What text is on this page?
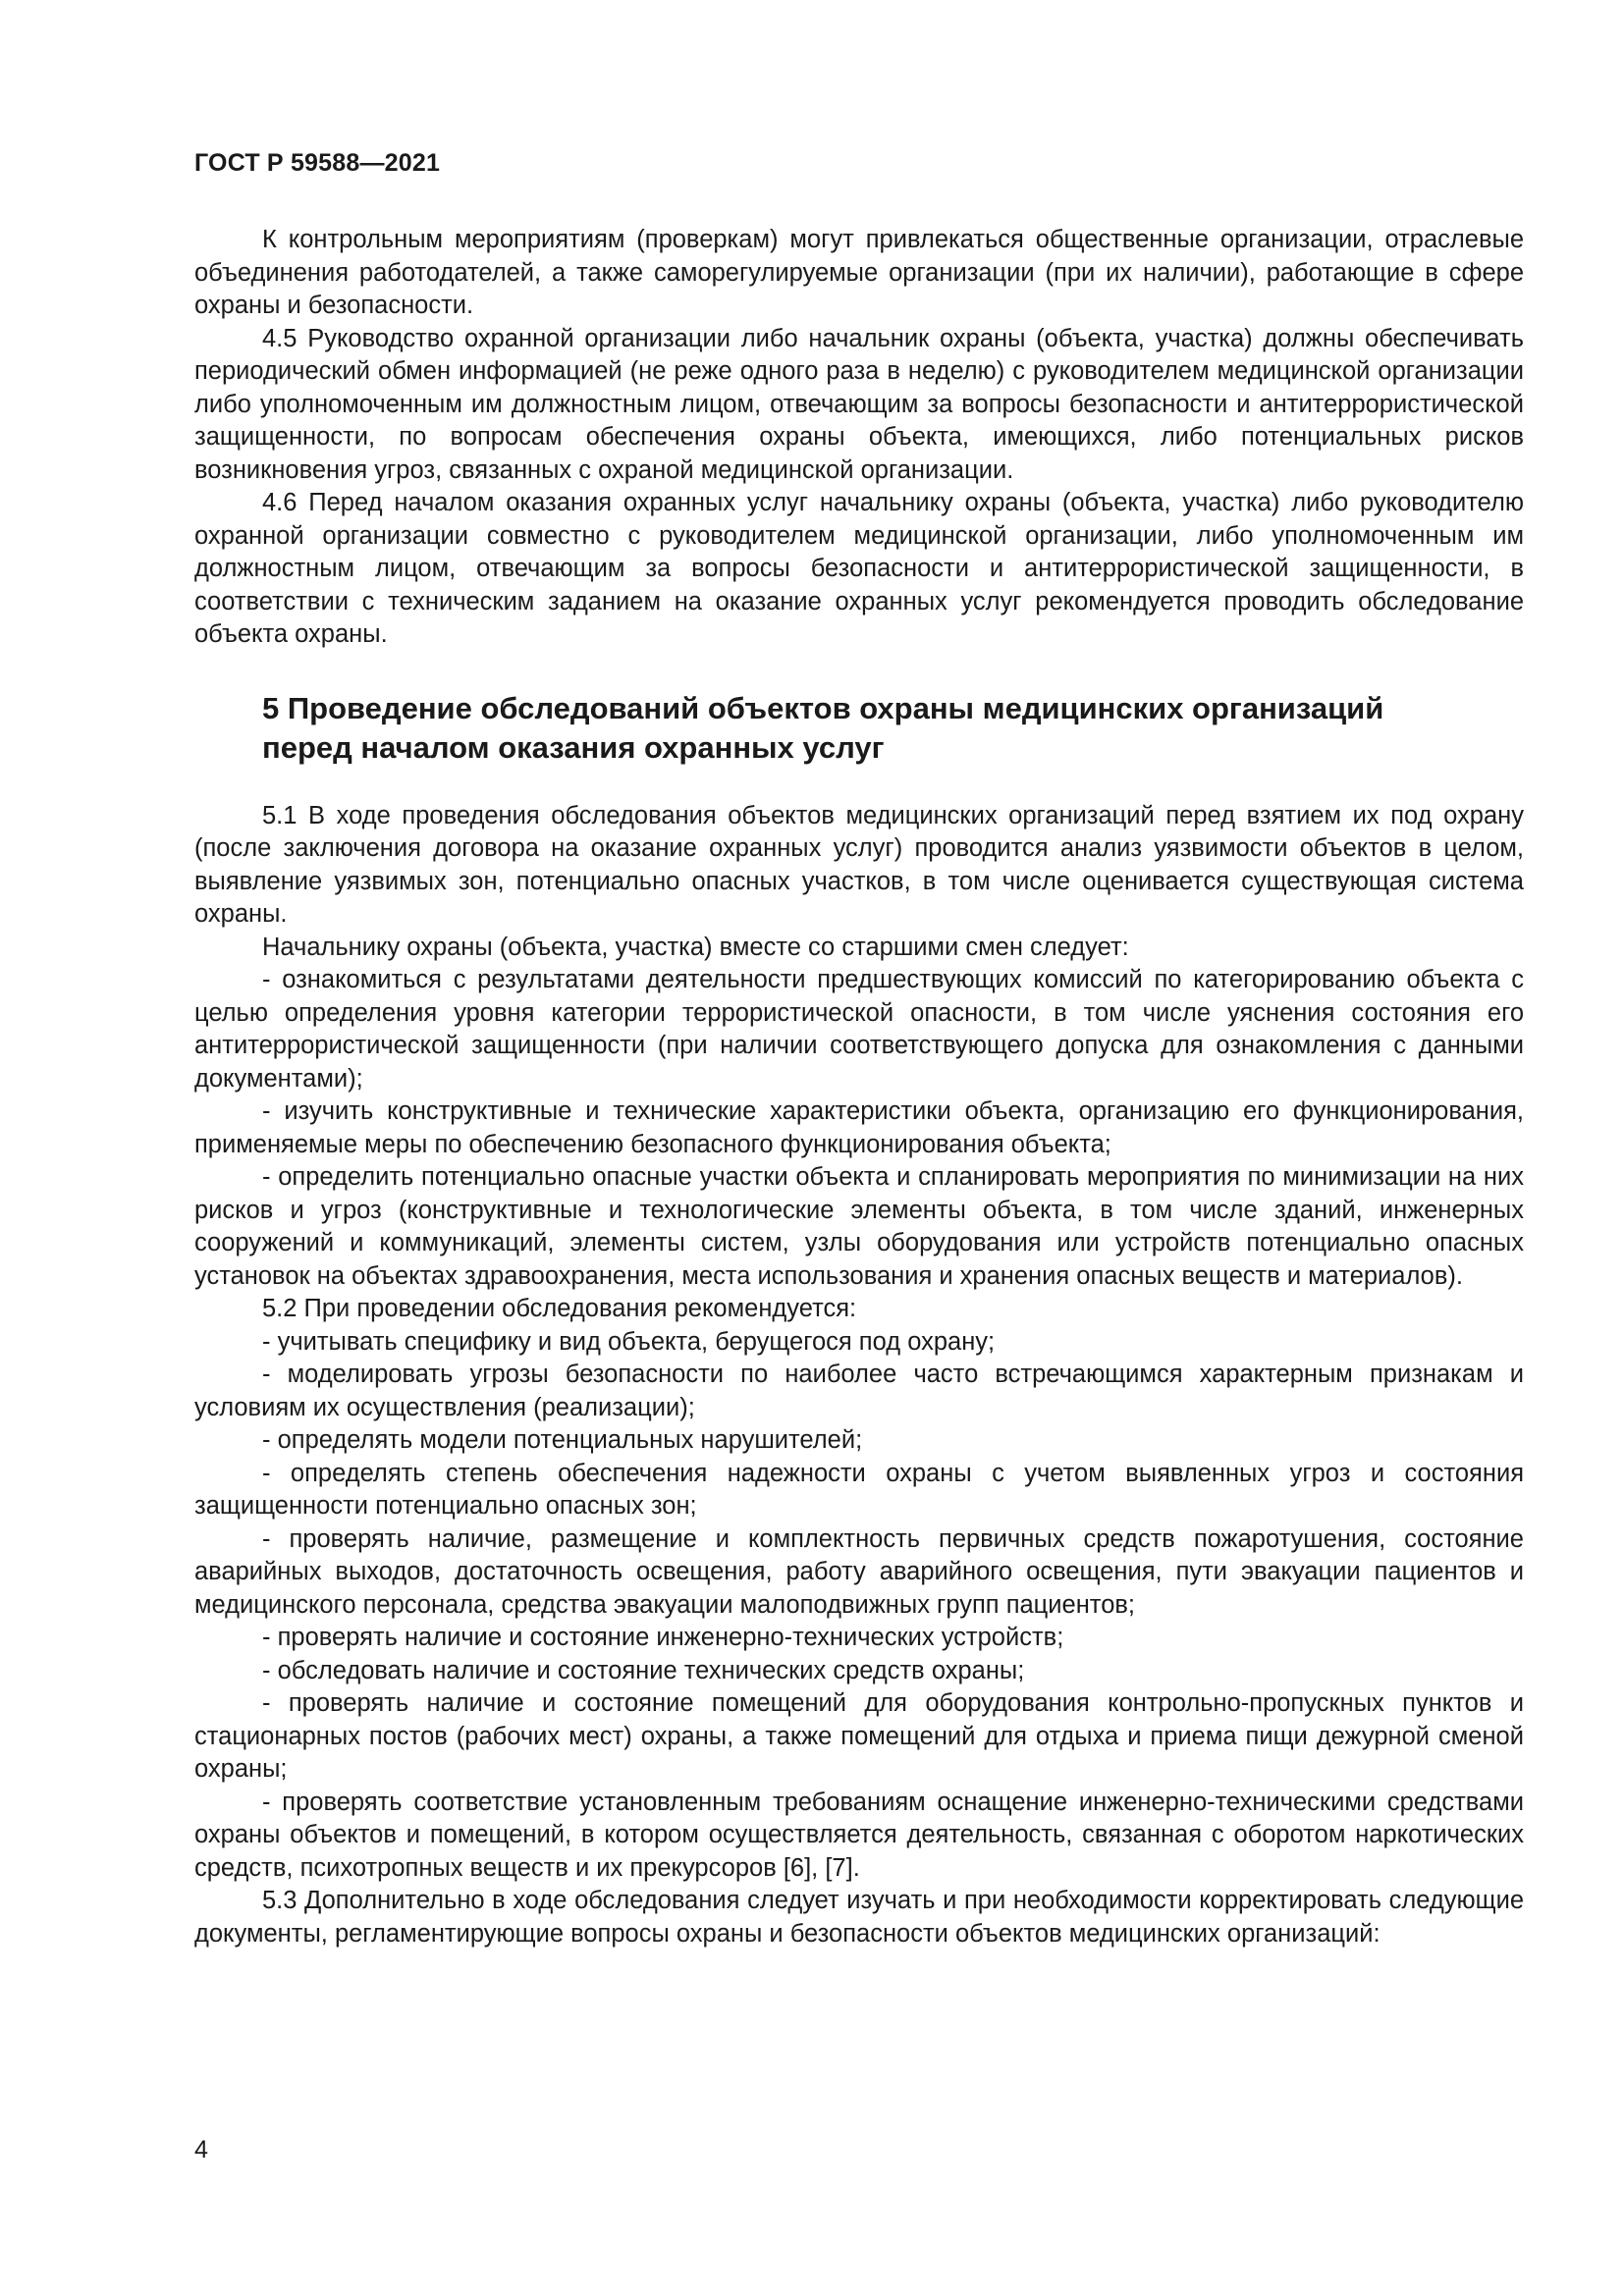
ГОСТ Р 59588—2021

К контрольным мероприятиям (проверкам) могут привлекаться общественные организации, отраслевые объединения работодателей, а также саморегулируемые организации (при их наличии), работающие в сфере охраны и безопасности.

4.5 Руководство охранной организации либо начальник охраны (объекта, участка) должны обеспечивать периодический обмен информацией (не реже одного раза в неделю) с руководителем медицинской организации либо уполномоченным им должностным лицом, отвечающим за вопросы безопасности и антитеррористической защищенности, по вопросам обеспечения охраны объекта, имеющихся, либо потенциальных рисков возникновения угроз, связанных с охраной медицинской организации.

4.6 Перед началом оказания охранных услуг начальнику охраны (объекта, участка) либо руководителю охранной организации совместно с руководителем медицинской организации, либо уполномоченным им должностным лицом, отвечающим за вопросы безопасности и антитеррористической защищенности, в соответствии с техническим заданием на оказание охранных услуг рекомендуется проводить обследование объекта охраны.

5 Проведение обследований объектов охраны медицинских организаций
перед началом оказания охранных услуг

5.1 В ходе проведения обследования объектов медицинских организаций перед взятием их под охрану (после заключения договора на оказание охранных услуг) проводится анализ уязвимости объектов в целом, выявление уязвимых зон, потенциально опасных участков, в том числе оценивается существующая система охраны.

Начальнику охраны (объекта, участка) вместе со старшими смен следует:

- ознакомиться с результатами деятельности предшествующих комиссий по категорированию объекта с целью определения уровня категории террористической опасности, в том числе уяснения состояния его антитеррористической защищенности (при наличии соответствующего допуска для ознакомления с данными документами);

- изучить конструктивные и технические характеристики объекта, организацию его функционирования, применяемые меры по обеспечению безопасного функционирования объекта;

- определить потенциально опасные участки объекта и спланировать мероприятия по минимизации на них рисков и угроз (конструктивные и технологические элементы объекта, в том числе зданий, инженерных сооружений и коммуникаций, элементы систем, узлы оборудования или устройств потенциально опасных установок на объектах здравоохранения, места использования и хранения опасных веществ и материалов).

5.2 При проведении обследования рекомендуется:

- учитывать специфику и вид объекта, берущегося под охрану;

- моделировать угрозы безопасности по наиболее часто встречающимся характерным признакам и условиям их осуществления (реализации);

- определять модели потенциальных нарушителей;

- определять степень обеспечения надежности охраны с учетом выявленных угроз и состояния защищенности потенциально опасных зон;

- проверять наличие, размещение и комплектность первичных средств пожаротушения, состояние аварийных выходов, достаточность освещения, работу аварийного освещения, пути эвакуации пациентов и медицинского персонала, средства эвакуации малоподвижных групп пациентов;

- проверять наличие и состояние инженерно-технических устройств;

- обследовать наличие и состояние технических средств охраны;

- проверять наличие и состояние помещений для оборудования контрольно-пропускных пунктов и стационарных постов (рабочих мест) охраны, а также помещений для отдыха и приема пищи дежурной сменой охраны;

- проверять соответствие установленным требованиям оснащение инженерно-техническими средствами охраны объектов и помещений, в котором осуществляется деятельность, связанная с оборотом наркотических средств, психотропных веществ и их прекурсоров [6], [7].

5.3 Дополнительно в ходе обследования следует изучать и при необходимости корректировать следующие документы, регламентирующие вопросы охраны и безопасности объектов медицинских организаций:

4
